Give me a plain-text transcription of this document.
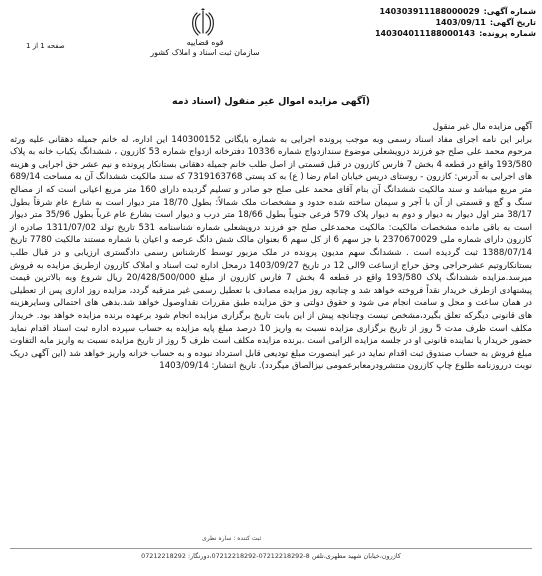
شماره آگهی:
140303911188000029
تاریخ آگهی:
1403/09/11
شماره پرونده:
140304011188000143
قوه قضاییه
سازمان ثبت اسناد و املاک کشور
صفحه 1 از 1
(آگهی مزایده اموال غیر منقول (اسناد ذمه

آگهی مزایده مال غیر منقول

برابر این نامه اجرای مفاد اسناد رسمی وبه موجب پرونده اجرایی به شماره بایگانی 140300152 این اداره، له خانم جمیله دهقانی علیه ورثه مرحوم محمد علی صلح جو فرزند درویشعلی موضوع سندازدواج شماره 10336 دفترخانه ازدواج شماره 53 کازرون ، ششدانگ یکباب خانه به پلاک 193/580 واقع در قطعه 4 بخش 7 فارس کازرون در قبل قسمتی از اصل طلب خانم جمیله دهقانی بستانکار پرونده و نیم عشر حق اجرایی و هزینه های اجرایی به آدرس: کازرون - روستای دریس خیابان امام رضا ( ع) به کد پستی 7319163768 که سند مالکیت ششدانگ آن به مساحت 689/14 متر مربع میباشد و سند مالکیت ششدانگ آن بنام آقای محمد علی صلح جو صادر و تسلیم گردیده دارای 160 متر مربع اعیانی است که از مصالح سنگ و گچ و قسمتی از آن با آجر و سیمان ساخته شده حدود و مشخصات ملک شمالاً: بطول 18/70 متر دیوار است به شارع عام شرقاً بطول 38/17 متر اول دیوار به دیوار و دوم به دیوار پلاک 579 فرعی جنوباً بطول 18/66 متر درب و دیوار است بشارع عام غرباً بطول 35/96 متر دیوار است به باقی مانده مشخصات مالکیت: مالکیت محمدعلی صلح جو فرزند درویشعلی شماره شناسنامه 531 تاریخ تولد 1311/07/02 صادره از کازرون دارای شماره ملی 2370670029 با جز سهم 6 از کل سهم 6 بعنوان مالک شش دانگ عرصه و اعیان با شماره مستند مالکیت 7780 تاریخ 1388/07/14 ثبت گردیده است . ششدانگ سهم مدیون پرونده در ملک مزبور توسط کارشناس رسمی دادگستری ارزیابی و در قبال طلب بستانکاروتیم عشرحراجی وحق حراج ازساعت 9الی 12 در تاریخ 1403/09/27 درمحل اداره ثبت اسناد و املاک کازرون ازطریق مزایده به فروش میرسد.مزایده ششدانگ پلاک 193/580 واقع در قطعه 4 بخش 7 فارس کازرون از مبلغ 20/428/500/000 ریال شروع وبه بالاترین قیمت پیشنهادی ازطرف خریدار نقداً فروخته خواهد شد و چنانچه روز مزایده مصادف با تعطیل رسمی غیر مترقبه گردد، مزایده روز اداری پس از تعطیلی در همان ساعت و محل و سامت انجام می شود و حقوق دولتی و حق مزایده طبق مقررات نقداوصول خواهد شد.بدهی های احتمالی وسایرهزینه های قانونی دیگرکه تعلق بگیرد،مشخص نیست وچنانچه پیش از این بابت تاریخ برگزاری مزایده انجام شود برعهده برنده مزایده خواهد بود. خریدار مکلف است ظرف مدت 5 روز از تاریخ برگزاری مزایده نسبت به واریز 10 درصد مبلغ پایه مزایده به حساب سپرده اداره ثبت اسناد اقدام نماید حضور خریدار یا نماینده قانونی او در جلسه مزایده الزامی است .برنده مزایده مکلف است ظرف 5 روز از تاریخ مزایده نسبت به واریز مابه التفاوت مبلغ فروش به حساب صندوق ثبت اقدام نماید در غیر اینصورت مبلغ تودیعی قابل استرداد نبوده و به حساب خزانه واریز خواهد شد (این آگهی دریک نوبت درروزنامه طلوع چاپ کازرون منتشرودرمعابرعمومی نیزالصاق میگردد). تاریخ انتشار: 1403/09/14

ثبت کننده : ساره نظری
کازرون،خیابان شهید مطهری،تلفن 8-07212218292-07212218292،دورنگار: 07212218292
